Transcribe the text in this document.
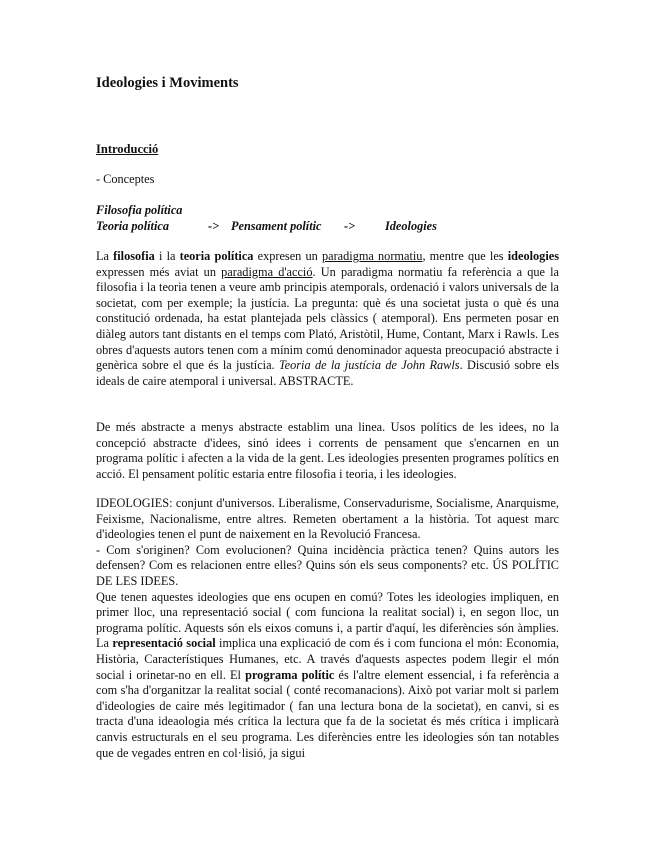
Ideologies i Moviments
Introducció

- Conceptes

Filosofia política

Teoria política	-> Pensament polític -> Ideologies

La filosofia i la teoria política expresen un paradigma normatiu, mentre que les ideologies expressen més aviat un paradigma d'acció. Un paradigma normatiu fa referència a que la filosofia i la teoria tenen a veure amb principis atemporals, ordenació i valors universals de la societat, com per exemple; la justícia. La pregunta: què és una societat justa o què és una constitució ordenada, ha estat plantejada pels clàssics ( atemporal). Ens permeten posar en diàleg autors tant distants en el temps com Plató, Aristòtil, Hume, Contant, Marx i Rawls. Les obres d'aquests autors tenen com a mínim comú denominador aquesta preocupació abstracte i genèrica sobre el que és la justícia. Teoria de la justícia de John Rawls. Discusió sobre els ideals de caire atemporal i universal. ABSTRACTE.

De més abstracte a menys abstracte establim una linea. Usos polítics de les idees, no la concepció abstracte d'idees, sinó idees i corrents de pensament que s'encarnen en un programa polític i afecten a la vida de la gent. Les ideologies presenten programes polítics en acció. El pensament polític estaria entre filosofia i teoria, i les ideologies.

IDEOLOGIES: conjunt d'universos. Liberalisme, Conservadurisme, Socialisme, Anarquisme, Feixisme, Nacionalisme, entre altres. Remeten obertament a la història. Tot aquest marc d'ideologies tenen el punt de naixement en la Revolució Francesa.
- Com s'originen? Com evolucionen? Quina incidència pràctica tenen? Quins autors les defensen? Com es relacionen entre elles? Quins són els seus components? etc. ÚS POLÍTIC DE LES IDEES.
Que tenen aquestes ideologies que ens ocupen en comú? Totes les ideologies impliquen, en primer lloc, una representació social ( com funciona la realitat social) i, en segon lloc, un programa polític. Aquests són els eixos comuns i, a partir d'aquí, les diferències són àmplies. La representació social implica una explicació de com és i com funciona el món: Economia, Història, Característiques Humanes, etc. A través d'aquests aspectes podem llegir el món social i orinetar-no en ell. El programa polític és l'altre element essencial, i fa referència a com s'ha d'organitzar la realitat social ( conté recomanacions). Això pot variar molt si parlem d'ideologies de caire més legitimador ( fan una lectura bona de la societat), en canvi, si es tracta d'una ideaologia més crítica la lectura que fa de la societat és més crítica i implicarà canvis estructurals en el seu programa. Les diferències entre les ideologies són tan notables que de vegades entren en col·lisió, ja sigui
